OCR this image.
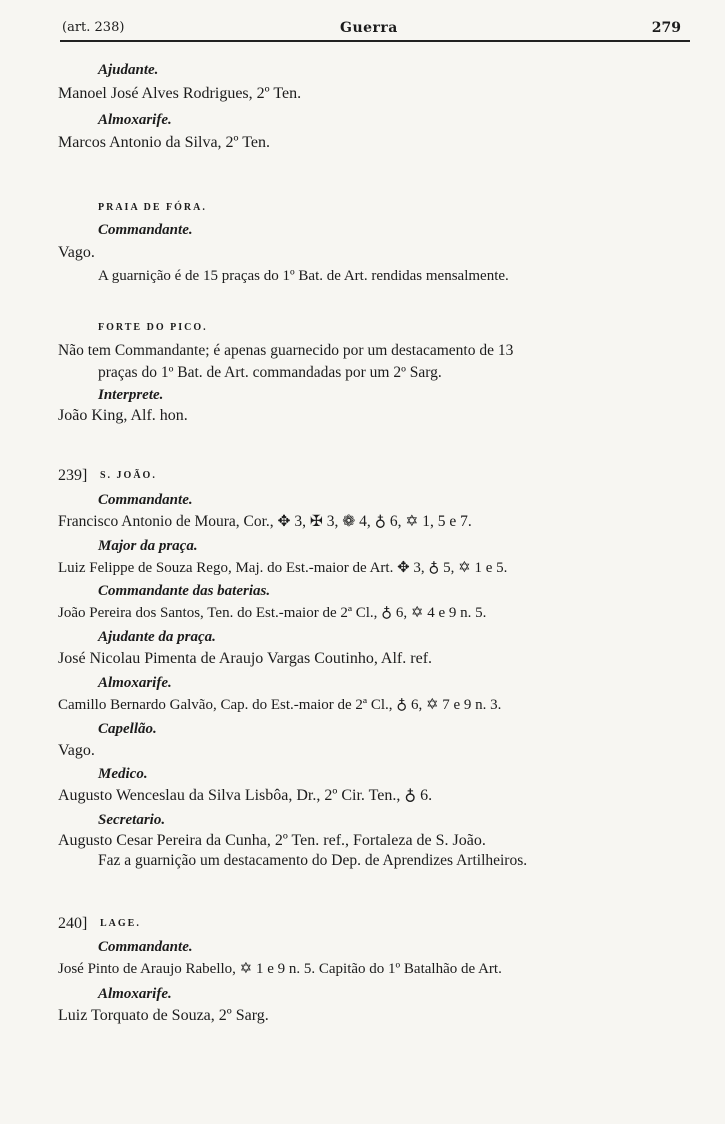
(art. 238)	Guerra	279
Ajudante.
Manoel José Alves Rodrigues, 2º Ten.
Almoxarife.
Marcos Antonio da Silva, 2º Ten.
PRAIA DE FÓRA.
Commandante.
Vago.
A guarnição é de 15 praças do 1º Bat. de Art. rendidas mensalmente.
FORTE DO PICO.
Não tem Commandante; é apenas guarnecido por um destacamento de 13
praças do 1º Bat. de Art. commandadas por um 2º Sarg.
Interprete.
João King, Alf. hon.
239] S. JOÃO.
Commandante.
Francisco Antonio de Moura, Cor., ✥ 3, ✠ 3, ❁ 4, ♁ 6, ✡ 1, 5 e 7.
Major da praça.
Luiz Felippe de Souza Rego, Maj. do Est.-maior de Art. ✥ 3, ♁ 5, ✡ 1 e 5.
Commandante das baterias.
João Pereira dos Santos, Ten. do Est.-maior de 2ª Cl., ♁ 6, ✡ 4 e 9 n. 5.
Ajudante da praça.
José Nicolau Pimenta de Araujo Vargas Coutinho, Alf. ref.
Almoxarife.
Camillo Bernardo Galvão, Cap. do Est.-maior de 2ª Cl., ♁ 6, ✡ 7 e 9 n. 3.
Capellão.
Vago.
Medico.
Augusto Wenceslau da Silva Lisbôa, Dr., 2º Cir. Ten., ♁ 6.
Secretario.
Augusto Cesar Pereira da Cunha, 2º Ten. ref., Fortaleza de S. João.
Faz a guarnição um destacamento do Dep. de Aprendizes Artilheiros.
240] LAGE.
Commandante.
José Pinto de Araujo Rabello, ✡ 1 e 9 n. 5. Capitão do 1º Batalhão de Art.
Almoxarife.
Luiz Torquato de Souza, 2º Sarg.
